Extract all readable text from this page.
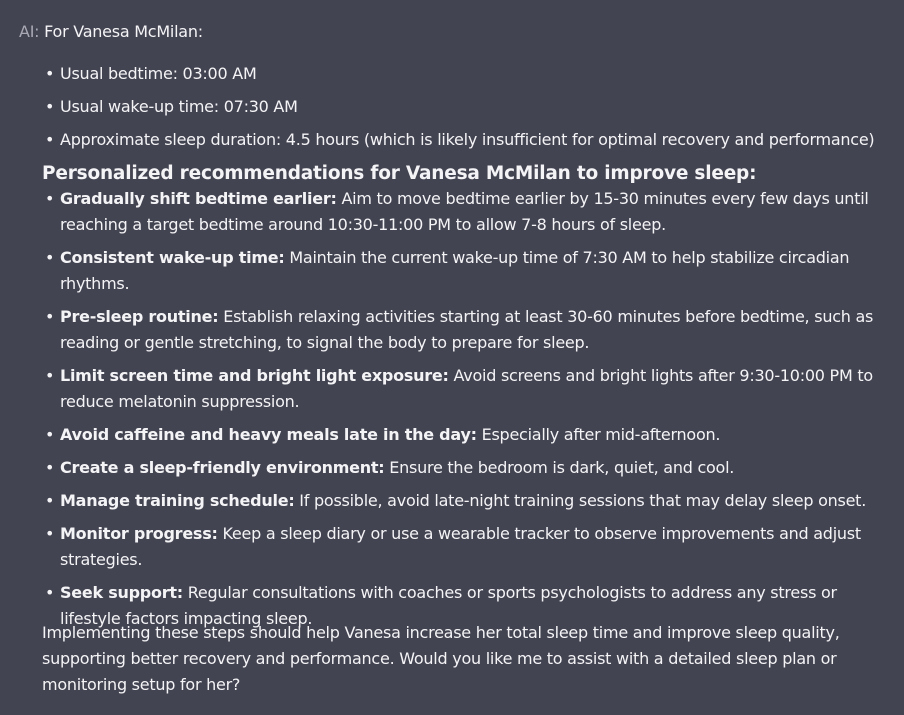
AI: For Vanesa McMilan:
• Usual bedtime: 03:00 AM
• Usual wake-up time: 07:30 AM
• Approximate sleep duration: 4.5 hours (which is likely insufficient for optimal recovery and performance)
Personalized recommendations for Vanesa McMilan to improve sleep:
• Gradually shift bedtime earlier: Aim to move bedtime earlier by 15-30 minutes every few days until reaching a target bedtime around 10:30-11:00 PM to allow 7-8 hours of sleep.
• Consistent wake-up time: Maintain the current wake-up time of 7:30 AM to help stabilize circadian rhythms.
• Pre-sleep routine: Establish relaxing activities starting at least 30-60 minutes before bedtime, such as reading or gentle stretching, to signal the body to prepare for sleep.
• Limit screen time and bright light exposure: Avoid screens and bright lights after 9:30-10:00 PM to reduce melatonin suppression.
• Avoid caffeine and heavy meals late in the day: Especially after mid-afternoon.
• Create a sleep-friendly environment: Ensure the bedroom is dark, quiet, and cool.
• Manage training schedule: If possible, avoid late-night training sessions that may delay sleep onset.
• Monitor progress: Keep a sleep diary or use a wearable tracker to observe improvements and adjust strategies.
• Seek support: Regular consultations with coaches or sports psychologists to address any stress or lifestyle factors impacting sleep.
Implementing these steps should help Vanesa increase her total sleep time and improve sleep quality, supporting better recovery and performance. Would you like me to assist with a detailed sleep plan or monitoring setup for her?
